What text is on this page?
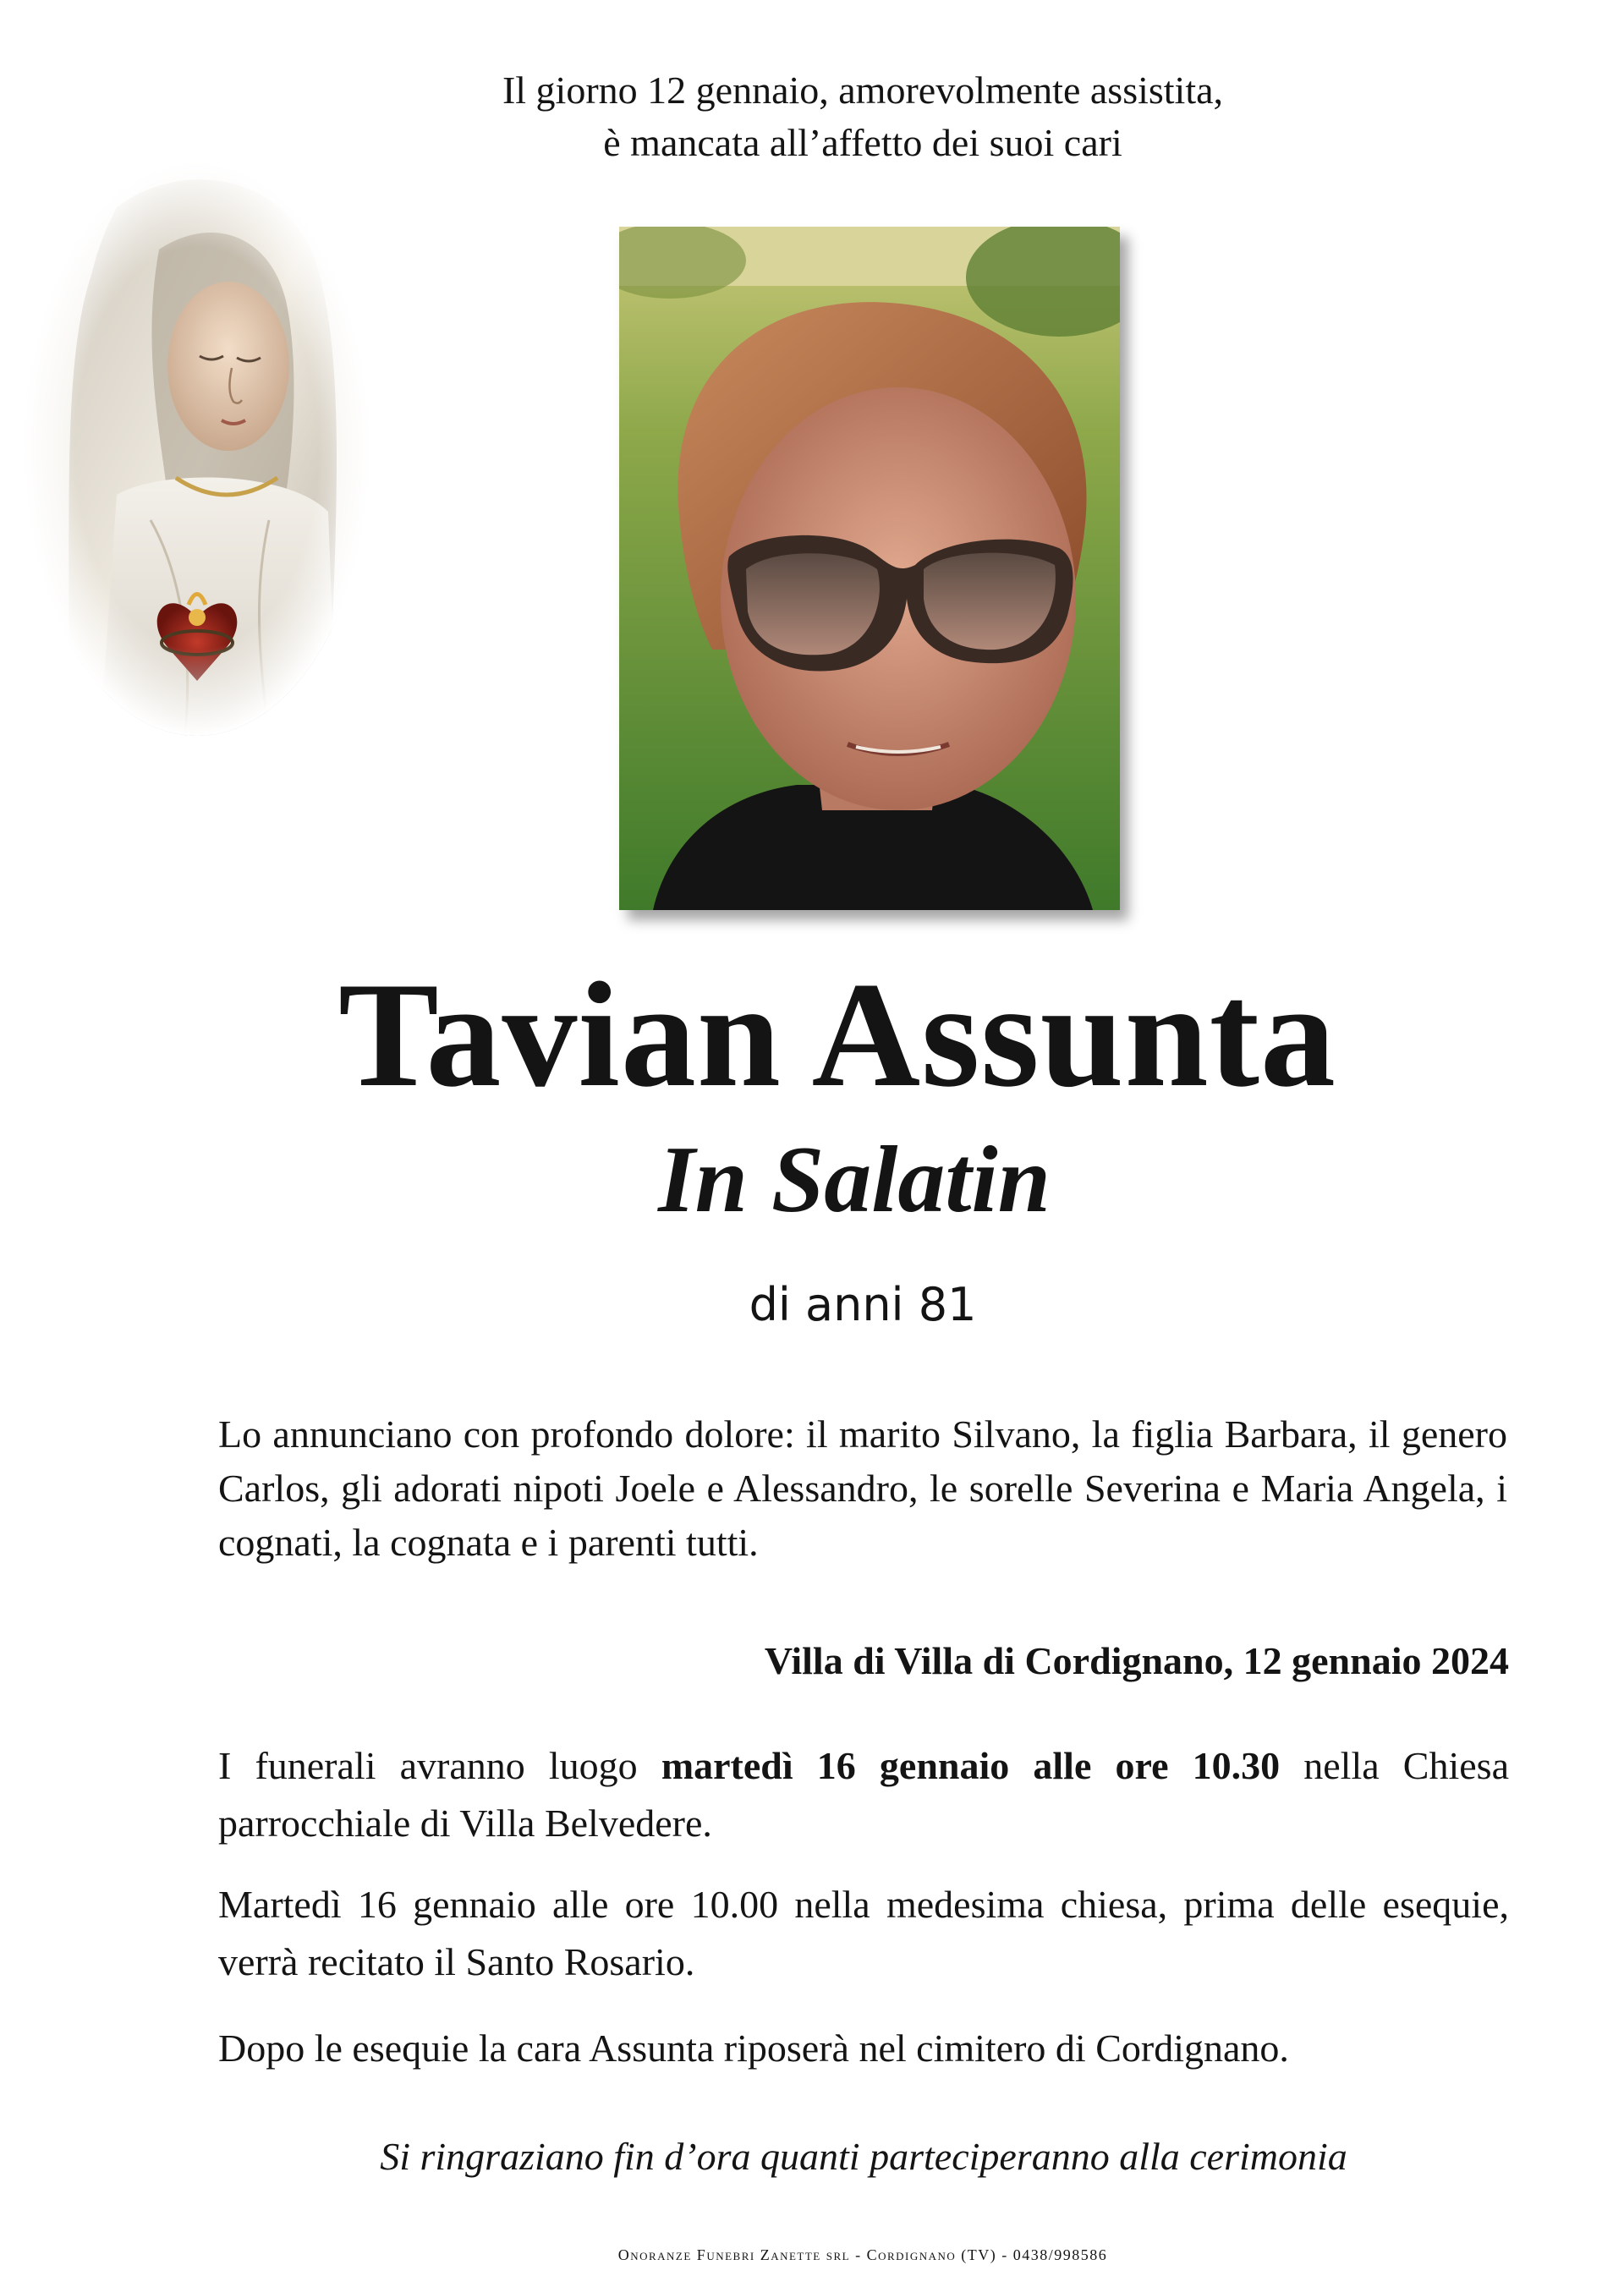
Il giorno 12 gennaio, amorevolmente assistita,
è mancata all’affetto dei suoi cari
Tavian Assunta
In Salatin
di anni 81
Lo annunciano con profondo dolore: il marito Silvano, la figlia Barbara, il genero Carlos, gli adorati nipoti Joele e Alessandro, le sorelle Severina e Maria Angela, i cognati, la cognata e i parenti tutti.
Villa di Villa di Cordignano, 12 gennaio 2024
I funerali avranno luogo martedì 16 gennaio alle ore 10.30 nella Chiesa parrocchiale di Villa Belvedere.
Martedì 16 gennaio alle ore 10.00 nella medesima chiesa, prima delle esequie, verrà recitato il Santo Rosario.
Dopo le esequie la cara Assunta riposerà nel cimitero di Cordignano.
Si ringraziano fin d’ora quanti parteciperanno alla cerimonia
Onoranze Funebri Zanette srl - Cordignano (TV) - 0438/998586
